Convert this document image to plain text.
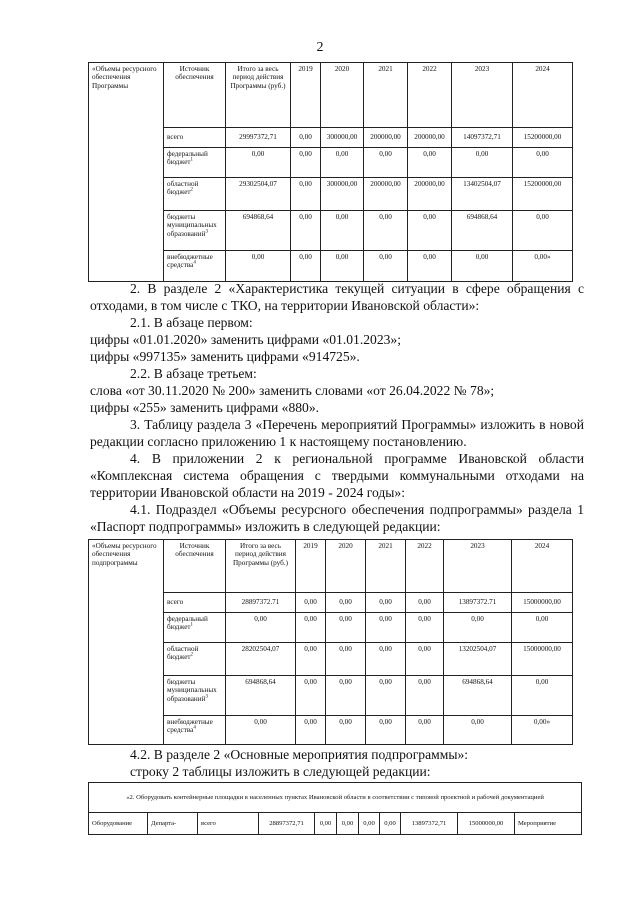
2
«Объемы ресурсного обеспечения Программы	Источник обеспечения	Итого за весь период действия Программы (руб.)	2019	2020	2021	2022	2023	2024
	всего	29997372,71	0,00	300000,00	200000,00	200000,00	14097372,71	15200000,00
	федеральный бюджет$^1$	0,00	0,00	0,00	0,00	0,00	0,00	0,00
	областной бюджет$^2$	29302504,07	0,00	300000,00	200000,00	200000,00	13402504,07	15200000,00
	бюджеты муниципальных образований$^3$	694868,64	0,00	0,00	0,00	0,00	694868,64	0,00
	внебюджетные средства$^4$	0,00	0,00	0,00	0,00	0,00	0,00	0,00»
2. В разделе 2 «Характеристика текущей ситуации в сфере обращения с отходами, в том числе с ТКО, на территории Ивановской области»:
2.1. В абзаце первом:
цифры «01.01.2020» заменить цифрами «01.01.2023»;
цифры «997135» заменить цифрами «914725».
2.2. В абзаце третьем:
слова «от 30.11.2020 № 200» заменить словами «от 26.04.2022 № 78»;
цифры «255» заменить цифрами «880».
3. Таблицу раздела 3 «Перечень мероприятий Программы» изложить в новой редакции согласно приложению 1 к настоящему постановлению.
4. В приложении 2 к региональной программе Ивановской области «Комплексная система обращения с твердыми коммунальными отходами на территории Ивановской области на 2019 - 2024 годы»:
4.1. Подраздел «Объемы ресурсного обеспечения подпрограммы» раздела 1 «Паспорт подпрограммы» изложить в следующей редакции:
«Объемы ресурсного обеспечения подпрограммы	Источник обеспечения	Итого за весь период действия Программы (руб.)	2019	2020	2021	2022	2023	2024
	всего	28897372.71	0,00	0,00	0,00	0,00	13897372.71	15000000,00
	федеральный бюджет$^1$	0,00	0,00	0,00	0,00	0,00	0,00	0,00
	областной бюджет$^2$	28202504,07	0,00	0,00	0,00	0,00	13202504,07	15000000,00
	бюджеты муниципальных образований$^3$	694868,64	0,00	0,00	0,00	0,00	694868,64	0,00
	внебюджетные средства$^4$	0,00	0,00	0,00	0,00	0,00	0,00	0,00»
4.2. В разделе 2 «Основные мероприятия подпрограммы»:
строку 2 таблицы изложить в следующей редакции:
«2. Оборудовать контейнерные площадки в населенных пунктах Ивановской области в соответствии с типовой проектной и рабочей документацией
Оборудование	Департа-	всего	28897372,71	0,00	0,00	0,00	0,00	13897372,71	15000000,00	Мероприятие
